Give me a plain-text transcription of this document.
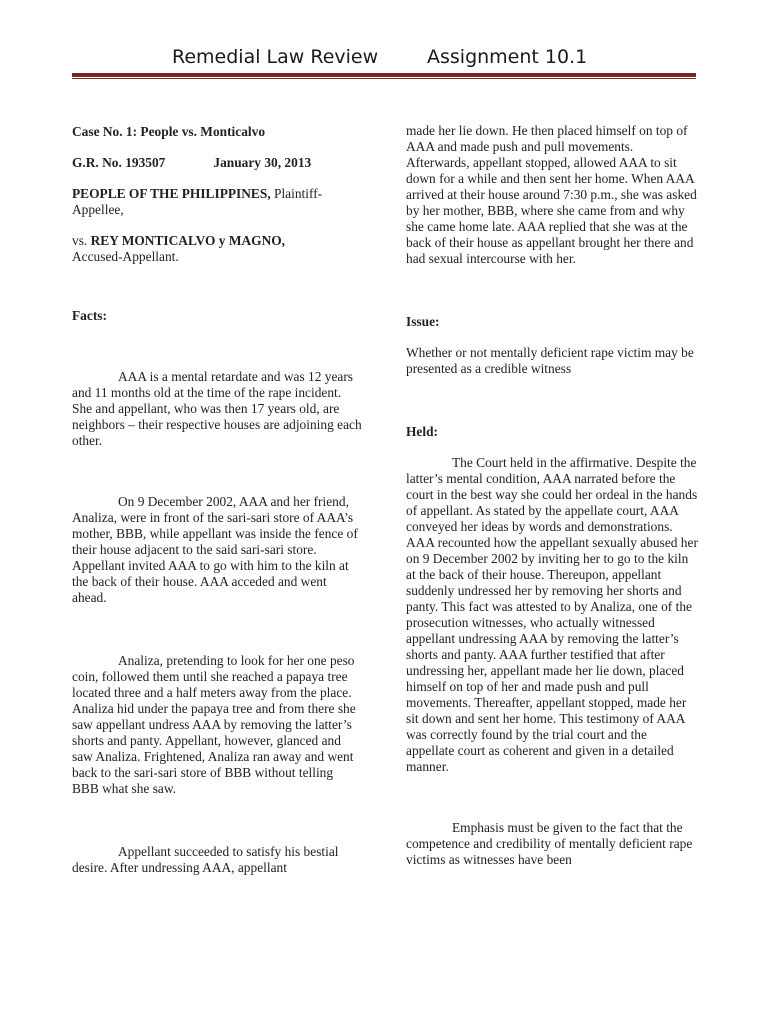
Remedial Law Review	Assignment 10.1

Case No. 1: People vs. Monticalvo

G.R. No. 193507	January 30, 2013

PEOPLE OF THE PHILIPPINES, Plaintiff-Appellee,

vs. REY MONTICALVO y MAGNO,

Accused-Appellant.

Facts:

AAA is a mental retardate and was 12 years and 11 months old at the time of the rape incident. She and appellant, who was then 17 years old, are neighbors – their respective houses are adjoining each other.

On 9 December 2002, AAA and her friend, Analiza, were in front of the sari-sari store of AAA’s mother, BBB, while appellant was inside the fence of their house adjacent to the said sari-sari store. Appellant invited AAA to go with him to the kiln at the back of their house. AAA acceded and went ahead.

Analiza, pretending to look for her one peso coin, followed them until she reached a papaya tree located three and a half meters away from the place. Analiza hid under the papaya tree and from there she saw appellant undress AAA by removing the latter’s shorts and panty. Appellant, however, glanced and saw Analiza. Frightened, Analiza ran away and went back to the sari-sari store of BBB without telling BBB what she saw.

Appellant succeeded to satisfy his bestial desire. After undressing AAA, appellant

made her lie down. He then placed himself on top of AAA and made push and pull movements. Afterwards, appellant stopped, allowed AAA to sit down for a while and then sent her home. When AAA arrived at their house around 7:30 p.m., she was asked by her mother, BBB, where she came from and why she came home late. AAA replied that she was at the back of their house as appellant brought her there and had sexual intercourse with her.

Issue:

Whether or not mentally deficient rape victim may be presented as a credible witness

Held:

The Court held in the affirmative. Despite the latter’s mental condition, AAA narrated before the court in the best way she could her ordeal in the hands of appellant. As stated by the appellate court, AAA conveyed her ideas by words and demonstrations. AAA recounted how the appellant sexually abused her on 9 December 2002 by inviting her to go to the kiln at the back of their house. Thereupon, appellant suddenly undressed her by removing her shorts and panty. This fact was attested to by Analiza, one of the prosecution witnesses, who actually witnessed appellant undressing AAA by removing the latter’s shorts and panty. AAA further testified that after undressing her, appellant made her lie down, placed himself on top of her and made push and pull movements. Thereafter, appellant stopped, made her sit down and sent her home. This testimony of AAA was correctly found by the trial court and the appellate court as coherent and given in a detailed manner.

Emphasis must be given to the fact that the competence and credibility of mentally deficient rape victims as witnesses have been
